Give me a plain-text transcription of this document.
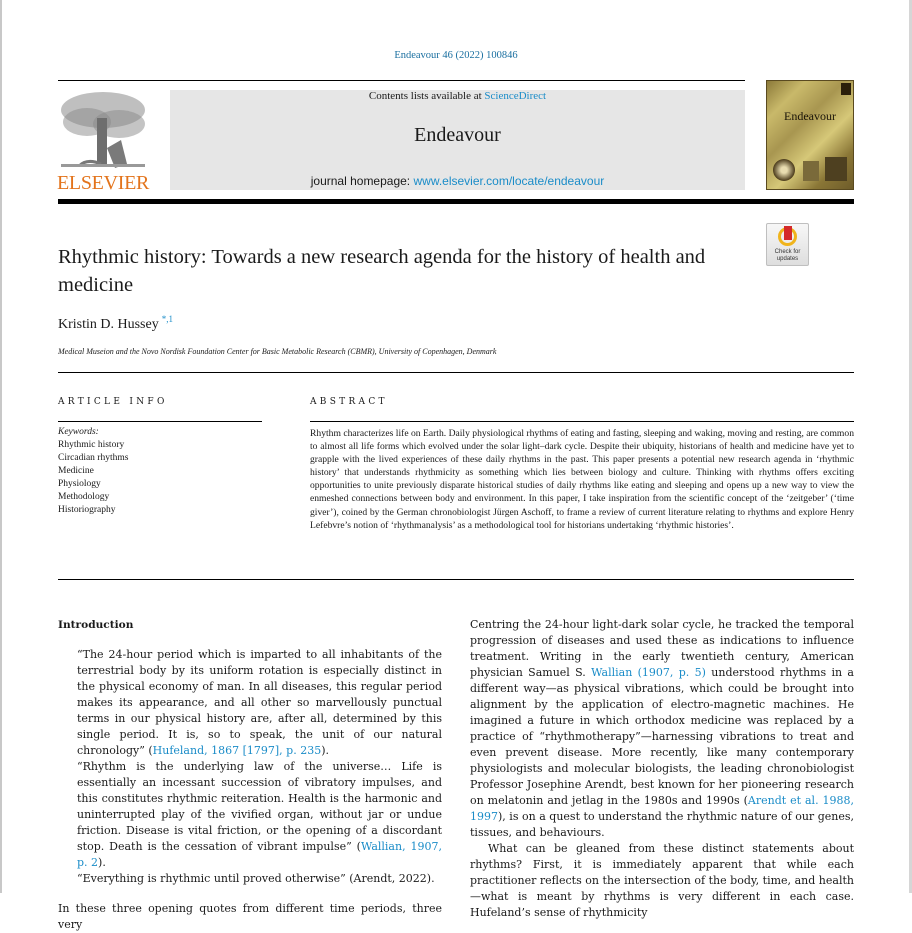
Endeavour 46 (2022) 100846
ELSEVIER
Contents lists available at ScienceDirect
Endeavour
journal homepage: www.elsevier.com/locate/endeavour
Endeavour
Check for updates
Rhythmic history: Towards a new research agenda for the history of health and medicine
Kristin D. Hussey $^{*,1}$
Medical Museion and the Novo Nordisk Foundation Center for Basic Metabolic Research (CBMR), University of Copenhagen, Denmark
ARTICLE INFO	ABSTRACT
Keywords:
Rhythmic history
Circadian rhythms
Medicine
Physiology
Methodology
Historiography
Rhythm characterizes life on Earth. Daily physiological rhythms of eating and fasting, sleeping and waking, moving and resting, are common to almost all life forms which evolved under the solar light–dark cycle. Despite their ubiquity, historians of health and medicine have yet to grapple with the lived experiences of these daily rhythms in the past. This paper presents a potential new research agenda in ‘rhythmic history’ that understands rhythmicity as something which lies between biology and culture. Thinking with rhythms offers exciting opportunities to unite previously disparate historical studies of daily rhythms like eating and sleeping and opens up a new way to view the enmeshed connections between body and environment. In this paper, I take inspiration from the scientific concept of the ‘zeitgeber’ (‘time giver’), coined by the German chronobiologist Jürgen Aschoff, to frame a review of current literature relating to rhythms and explore Henry Lefebvre’s notion of ‘rhythmanalysis’ as a methodological tool for historians undertaking ‘rhythmic histories’.
Introduction

“The 24-hour period which is imparted to all inhabitants of the terrestrial body by its uniform rotation is especially distinct in the physical economy of man. In all diseases, this regular period makes its appearance, and all other so marvellously punctual terms in our physical history are, after all, determined by this single period. It is, so to speak, the unit of our natural chronology” (Hufeland, 1867 [1797], p. 235).

“Rhythm is the underlying law of the universe… Life is essentially an incessant succession of vibratory impulses, and this constitutes rhythmic reiteration. Health is the harmonic and uninterrupted play of the vivified organ, without jar or undue friction. Disease is vital friction, or the opening of a discordant stop. Death is the cessation of vibrant impulse” (Wallian, 1907, p. 2).

“Everything is rhythmic until proved otherwise” (Arendt, 2022).

In these three opening quotes from different time periods, three very

Centring the 24-hour light-dark solar cycle, he tracked the temporal progression of diseases and used these as indications to influence treatment. Writing in the early twentieth century, American physician Samuel S. Wallian (1907, p. 5) understood rhythms in a different way—as physical vibrations, which could be brought into alignment by the application of electro-magnetic machines. He imagined a future in which orthodox medicine was replaced by a practice of “rhythmotherapy”—harnessing vibrations to treat and even prevent disease. More recently, like many contemporary physiologists and molecular biologists, the leading chronobiologist Professor Josephine Arendt, best known for her pioneering research on melatonin and jetlag in the 1980s and 1990s (Arendt et al. 1988, 1997), is on a quest to understand the rhythmic nature of our genes, tissues, and behaviours.

What can be gleaned from these distinct statements about rhythms? First, it is immediately apparent that while each practitioner reflects on the intersection of the body, time, and health—what is meant by rhythms is very different in each case. Hufeland’s sense of rhythmicity
